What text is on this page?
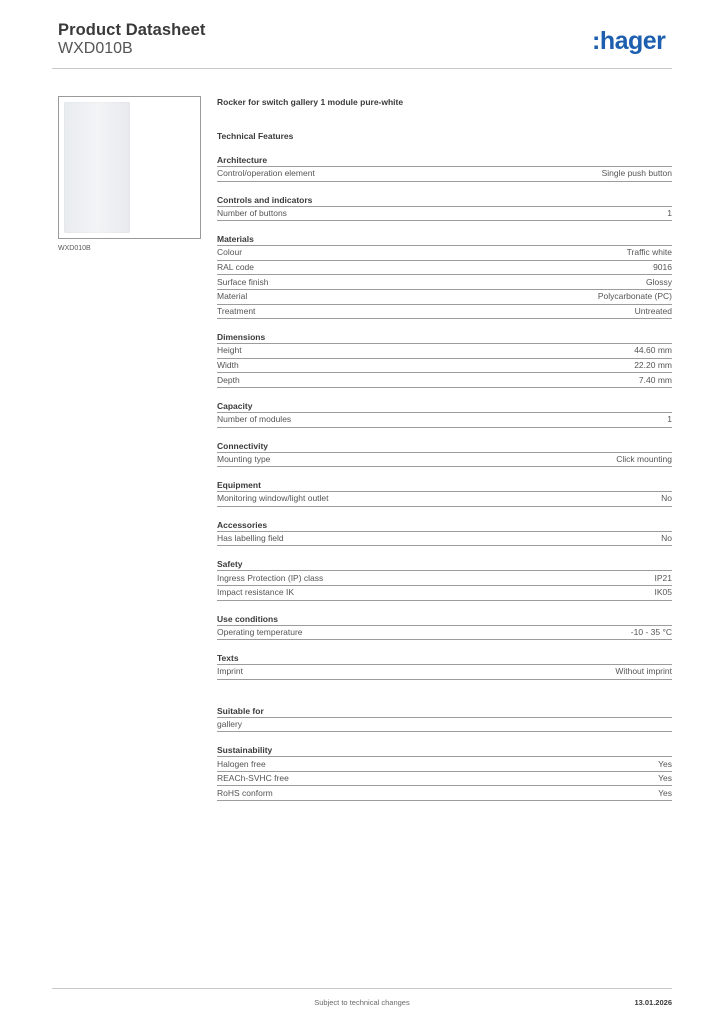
Product Datasheet
WXD010B	:hager
WXD010B
Rocker for switch gallery 1 module pure-white
Technical Features
Architecture
Control/operation element	Single push button
Controls and indicators
Number of buttons	1
Materials
Colour	Traffic white
RAL code	9016
Surface finish	Glossy
Material	Polycarbonate (PC)
Treatment	Untreated
Dimensions
Height	44.60 mm
Width	22.20 mm
Depth	7.40 mm
Capacity
Number of modules	1
Connectivity
Mounting type	Click mounting
Equipment
Monitoring window/light outlet	No
Accessories
Has labelling field	No
Safety
Ingress Protection (IP) class	IP21
Impact resistance IK	IK05
Use conditions
Operating temperature	-10 - 35 °C
Texts
Imprint	Without imprint
Suitable for
gallery
Sustainability
Halogen free	Yes
REACh-SVHC free	Yes
RoHS conform	Yes
Subject to technical changes	13.01.2026
